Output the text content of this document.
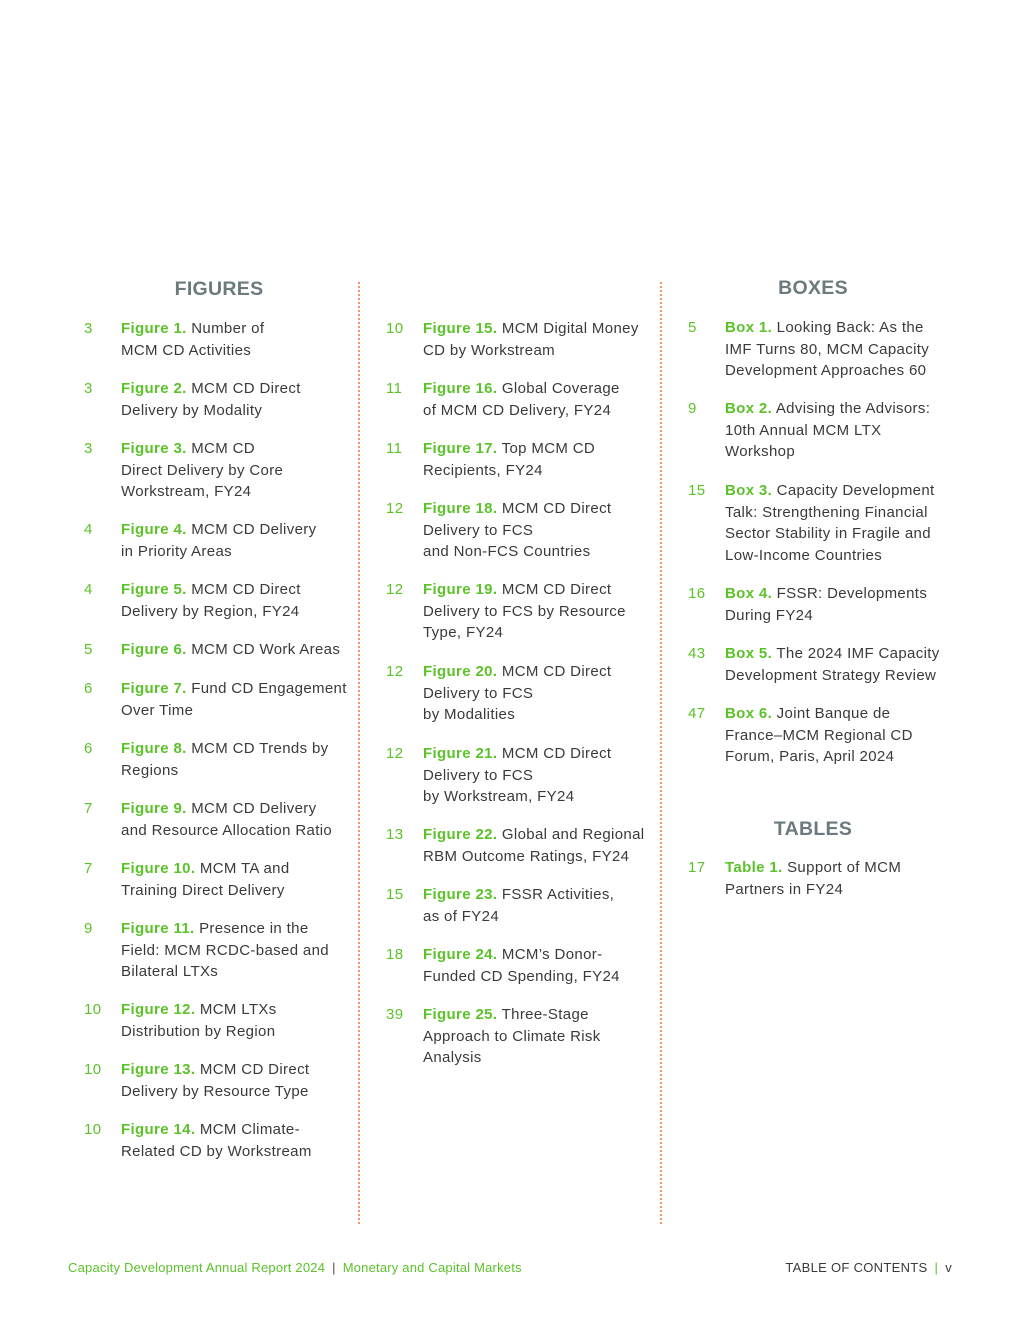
FIGURES
3	Figure 1. Number of
MCM CD Activities
3	Figure 2. MCM CD Direct
Delivery by Modality
3	Figure 3. MCM CD
Direct Delivery by Core
Workstream, FY24
4	Figure 4. MCM CD Delivery
in Priority Areas
4	Figure 5. MCM CD Direct
Delivery by Region, FY24
5	Figure 6. MCM CD Work Areas
6	Figure 7. Fund CD Engagement
Over Time
6	Figure 8. MCM CD Trends by
Regions
7	Figure 9. MCM CD Delivery
and Resource Allocation Ratio
7	Figure 10. MCM TA and
Training Direct Delivery
9	Figure 11. Presence in the
Field: MCM RCDC-based and
Bilateral LTXs
10	Figure 12. MCM LTXs
Distribution by Region
10	Figure 13. MCM CD Direct
Delivery by Resource Type
10	Figure 14. MCM Climate-
Related CD by Workstream
10	Figure 15. MCM Digital Money
CD by Workstream
11	Figure 16. Global Coverage
of MCM CD Delivery, FY24
11	Figure 17. Top MCM CD
Recipients, FY24
12	Figure 18. MCM CD Direct
Delivery to FCS
and Non-FCS Countries
12	Figure 19. MCM CD Direct
Delivery to FCS by Resource
Type, FY24
12	Figure 20. MCM CD Direct
Delivery to FCS
by Modalities
12	Figure 21. MCM CD Direct
Delivery to FCS
by Workstream, FY24
13	Figure 22. Global and Regional
RBM Outcome Ratings, FY24
15	Figure 23. FSSR Activities,
as of FY24
18	Figure 24. MCM’s Donor-
Funded CD Spending, FY24
39	Figure 25. Three-Stage
Approach to Climate Risk
Analysis
BOXES
TABLES
5	Box 1. Looking Back: As the
IMF Turns 80, MCM Capacity
Development Approaches 60
9	Box 2. Advising the Advisors:
10th Annual MCM LTX
Workshop
15	Box 3. Capacity Development
Talk: Strengthening Financial
Sector Stability in Fragile and
Low-Income Countries
16	Box 4. FSSR: Developments
During FY24
43	Box 5. The 2024 IMF Capacity
Development Strategy Review
47	Box 6. Joint Banque de
France–MCM Regional CD
Forum, Paris, April 2024
17	Table 1. Support of MCM
Partners in FY24
Capacity Development Annual Report 2024 | Monetary and Capital Markets	TABLE OF CONTENTS | v
